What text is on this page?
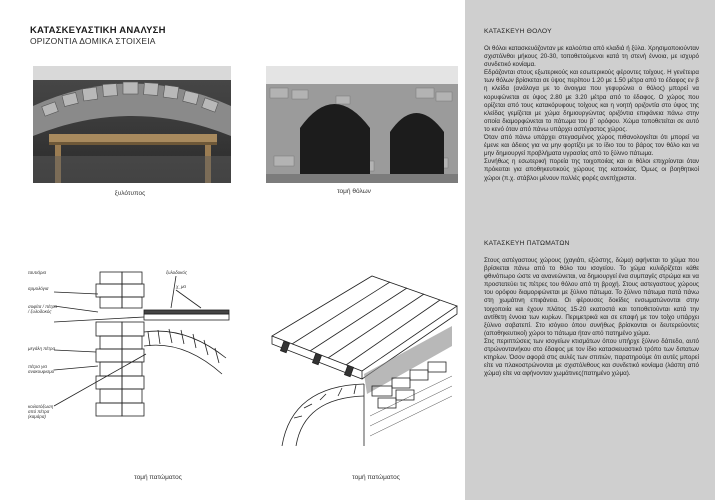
ΚΑΤΑΣΚΕΥΑΣΤΙΚΗ ΑΝΑΛΥΣΗ
ΟΡΙΖΟΝΤΙΑ ΔΟΜΙΚΑ ΣΤΟΙΧΕΙΑ
ξυλότυπος	τομή θόλων
ταυτιάρια
αρμολόγια
ξυλοδοκός
σοφίτα / πέτρα / ξυλοδοκός
χ_μα
μεγάλη πέτρα
πέτρα για ανακουφισμό
κοιλοτόξωση από πέτρα (καμάρα)
τομή πατώματος	τομή πατώματος
ΚΑΤΑΣΚΕΥΗ ΘΟΛΟΥ

Οι θόλοι κατασκευάζονταν με καλούπια από κλαδιά ή ξύλα. Χρησιμοποιούνταν σχιστόλιθοι μήκους 20-30, τοποθετούμενοι κατά τη στενή έννοια, με ισχυρό συνδετικό κονίαμα.

Εδράζονται στους εξωτερικούς και εσωτερικούς φέροντες τοίχους. Η γενέτειρα των θόλων βρίσκεται σε ύψος περίπου 1.20 με 1.50 μέτρα από το έδαφος εν β η κλείδα (ανάλογα με το άνοιγμα που γεφυρώνει ο θόλος) μπορεί να κορυφώνεται σε ύψος 2.80 με 3.20 μέτρα από το έδαφος. Ο χώρος που ορίζεται από τους κατακόρυφους τοίχους και η νοητή οριζοντία στο ύψος της κλείδας γεμίζεται με χώμα δημιουργώντας οριζόντια επιφάνεια πάνω στην οποία διαμορφώνεται το πάτωμα του β΄ ορόφου. Χώμα τοποθετείται σε αυτό το κενό όταν από πάνω υπάρχει αστέγαστος χώρος.

Όταν από πάνω υπάρχει στεγασμένος χώρος πιθανολογείται ότι μπορεί να έμενε και άδειος για να μην φορτίζει με το ίδιο του το βάρος τον θόλο και να μην δημιουργεί προβλήματα υγρασίας από το ξύλινο πάτωμα.

Συνήθως η εσωτερική πορεία της τοιχοποιίας και οι θόλοι επιχρίονται όταν πρόκειται για αποθηκευτικούς χώρους της κατοικίας. Όμως οι βοηθητικοί χώροι (π.χ. στάβλοι μένουν πολλές φορές ανεπίχριστοι.

ΚΑΤΑΣΚΕΥΗ ΠΑΤΩΜΑΤΩΝ

Στους αστέγαστους χώρους (χαγιάτι, εξώστης, δώμα) αφήνεται το χώμα που βρίσκεται πάνω από το θόλο του ισογείου. Το χώμα κυλιδρίζεται κάθε φθινόπωρο ώστε να ανανεώνεται, να δημιουργεί ένα συμπαγές στρώμα και να προστατεύει τις πέτρες του θόλου από τη βροχή. Στους αστεγαστους χώρους του ορόφου διαμορφώνεται με ξύλινο πάτωμα. Το ξύλινο πάτωμα πατά πάνω στη χωμάτινη επιφάνεια. Οι φέρουσες δοκίδες ενσωματώνονται στην τοιχοποιία και έχουν πλάτος 15-20 εκατοστά και τοποθετούνται κατά την αντίθετη έννοια των κυρίων. Περιμετρικά και σε επαφή με τον τοίχο υπάρχει ξύλινο σοβατεπί. Στο ισόγειο όπου συνήθως βρίσκονται οι δευτερεύοντες (αποθηκευτικοί) χώροι το πάτωμα ήταν από πατημένο χώμα.

Στις περιπτώσεις των ισογείων κτισμάτων όπου υπήρχε ξύλινο δάπεδο, αυτό στρώνοντανήκου στο έδαφος με τον ίδιο κατασκευαστικό τρόπο των διπατων κτηρίων. Όσον αφορά στις αυλές των σπιτιών, παρατηρούμε ότι αυτές μπορεί είτε να πλακοστρώνονται με σχιστόλιθους και συνδετικό κονίαμα (λάσπη από χώμα) είτε να αφήνονταν χωμάτινες(πατημένο χώμα).
